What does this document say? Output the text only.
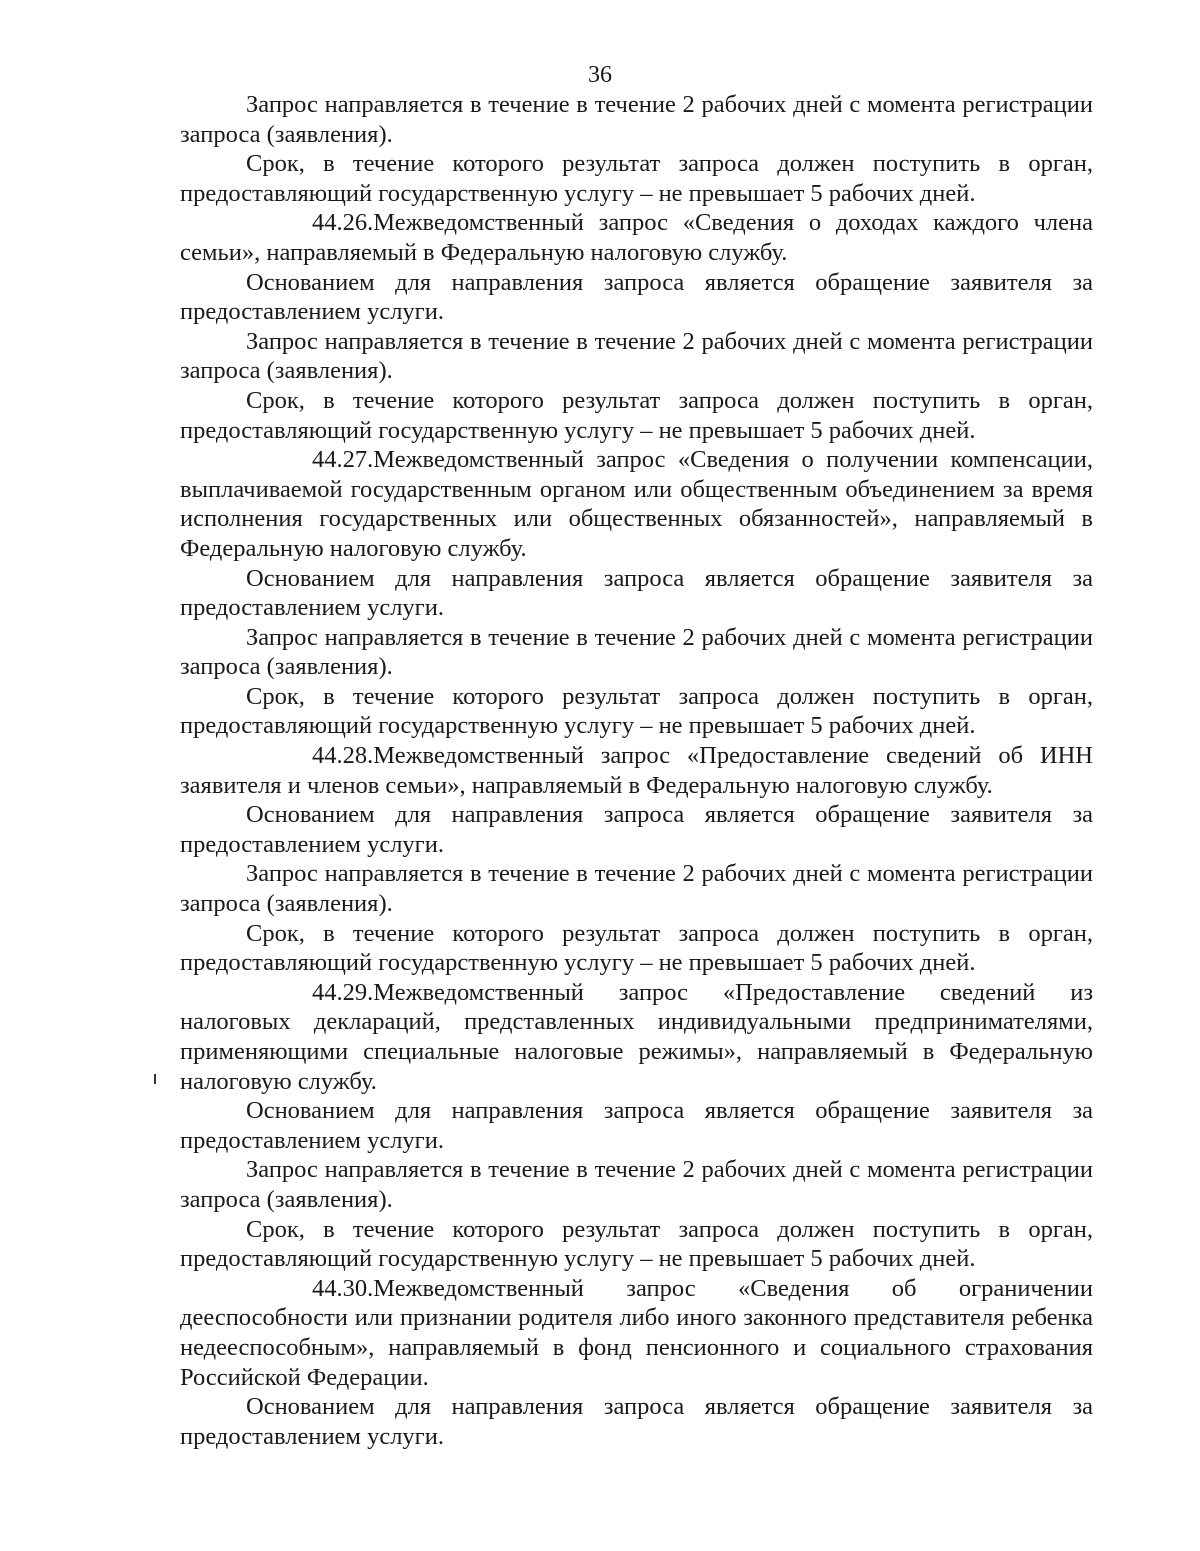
36

Запрос направляется в течение в течение 2 рабочих дней с момента регистрации запроса (заявления).

Срок, в течение которого результат запроса должен поступить в орган, предоставляющий государственную услугу – не превышает 5 рабочих дней.

44.26.Межведомственный запрос «Сведения о доходах каждого члена семьи», направляемый в Федеральную налоговую службу.

Основанием для направления запроса является обращение заявителя за предоставлением услуги.

Запрос направляется в течение в течение 2 рабочих дней с момента регистрации запроса (заявления).

Срок, в течение которого результат запроса должен поступить в орган, предоставляющий государственную услугу – не превышает 5 рабочих дней.

44.27.Межведомственный запрос «Сведения о получении компенсации, выплачиваемой государственным органом или общественным объединением за время исполнения государственных или общественных обязанностей», направляемый в Федеральную налоговую службу.

Основанием для направления запроса является обращение заявителя за предоставлением услуги.

Запрос направляется в течение в течение 2 рабочих дней с момента регистрации запроса (заявления).

Срок, в течение которого результат запроса должен поступить в орган, предоставляющий государственную услугу – не превышает 5 рабочих дней.

44.28.Межведомственный запрос «Предоставление сведений об ИНН заявителя и членов семьи», направляемый в Федеральную налоговую службу.

Основанием для направления запроса является обращение заявителя за предоставлением услуги.

Запрос направляется в течение в течение 2 рабочих дней с момента регистрации запроса (заявления).

Срок, в течение которого результат запроса должен поступить в орган, предоставляющий государственную услугу – не превышает 5 рабочих дней.

44.29.Межведомственный запрос «Предоставление сведений из налоговых деклараций, представленных индивидуальными предпринимателями, применяющими специальные налоговые режимы», направляемый в Федеральную налоговую службу.

Основанием для направления запроса является обращение заявителя за предоставлением услуги.

Запрос направляется в течение в течение 2 рабочих дней с момента регистрации запроса (заявления).

Срок, в течение которого результат запроса должен поступить в орган, предоставляющий государственную услугу – не превышает 5 рабочих дней.

44.30.Межведомственный запрос «Сведения об ограничении дееспособности или признании родителя либо иного законного представителя ребенка недееспособным», направляемый в фонд пенсионного и социального страхования Российской Федерации.

Основанием для направления запроса является обращение заявителя за предоставлением услуги.
